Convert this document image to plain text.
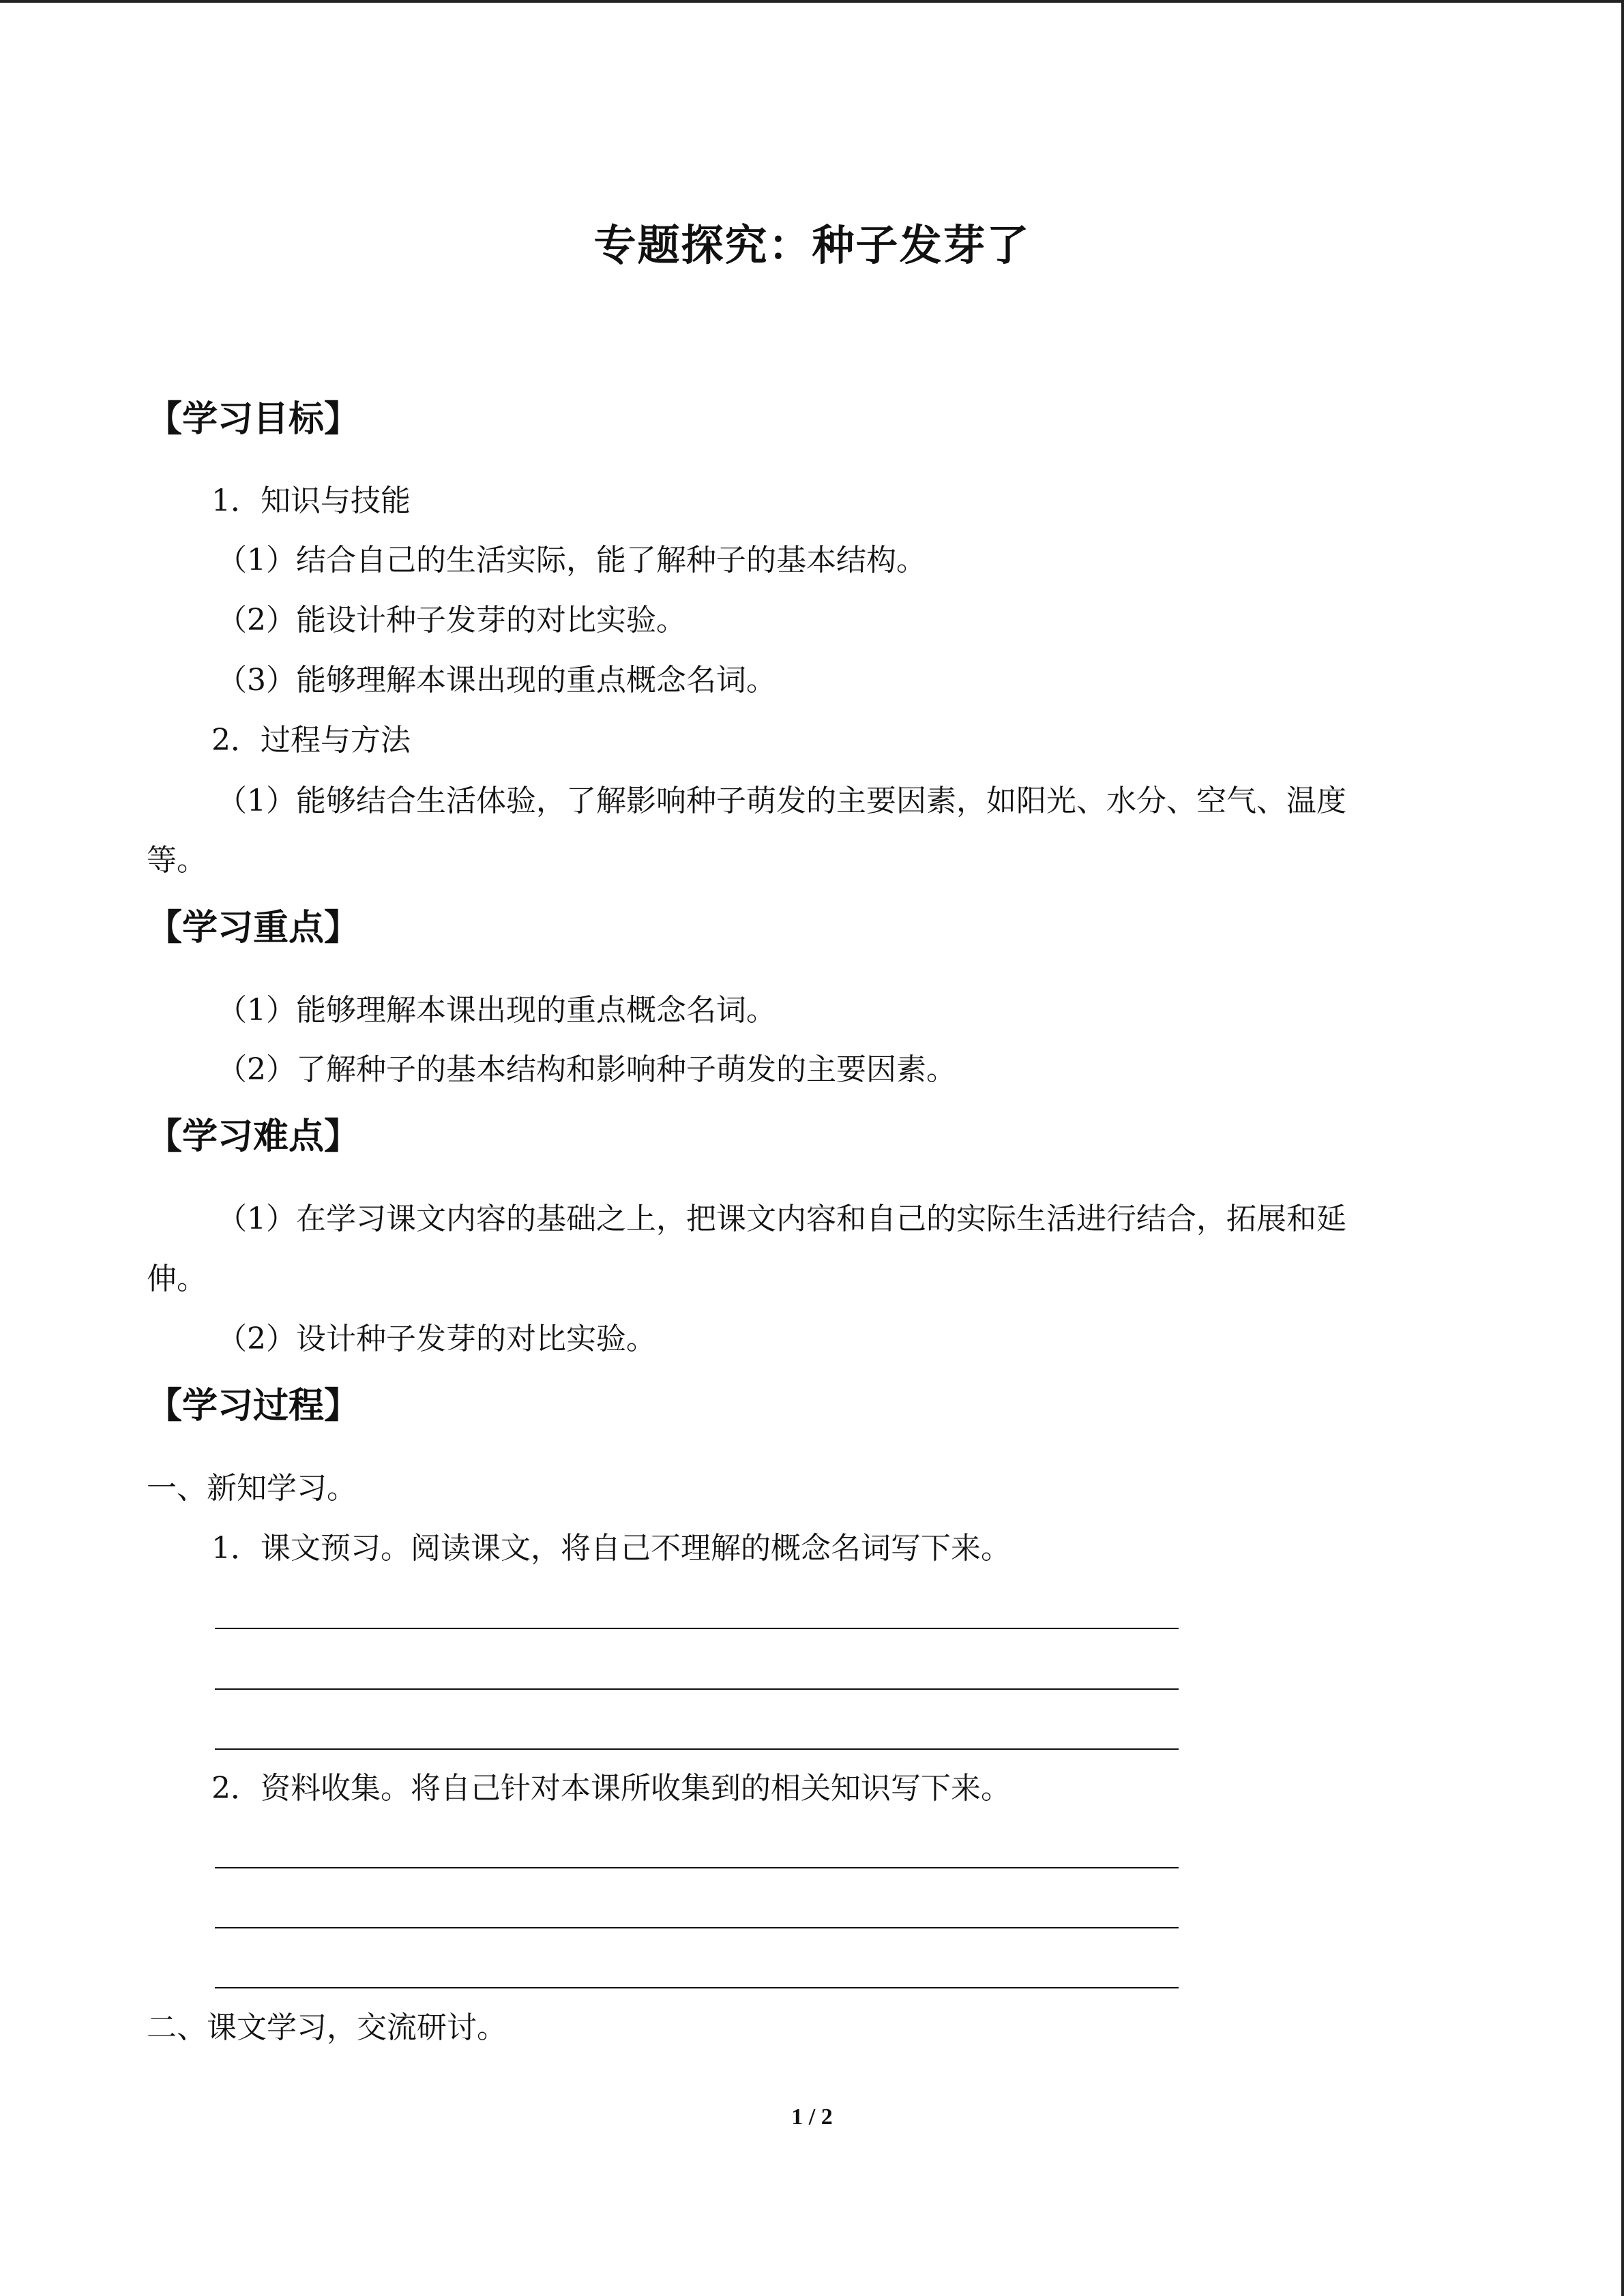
专题探究：种子发芽了
【学习目标】
1．知识与技能
（1）结合自己的生活实际，能了解种子的基本结构。
（2）能设计种子发芽的对比实验。
（3）能够理解本课出现的重点概念名词。
2．过程与方法
（1）能够结合生活体验，了解影响种子萌发的主要因素，如阳光、水分、空气、温度
等。
【学习重点】
（1）能够理解本课出现的重点概念名词。
（2）了解种子的基本结构和影响种子萌发的主要因素。
【学习难点】
（1）在学习课文内容的基础之上，把课文内容和自己的实际生活进行结合，拓展和延
伸。
（2）设计种子发芽的对比实验。
【学习过程】
一、新知学习。
1．课文预习。阅读课文，将自己不理解的概念名词写下来。
2．资料收集。将自己针对本课所收集到的相关知识写下来。
二、课文学习，交流研讨。
1 / 2
